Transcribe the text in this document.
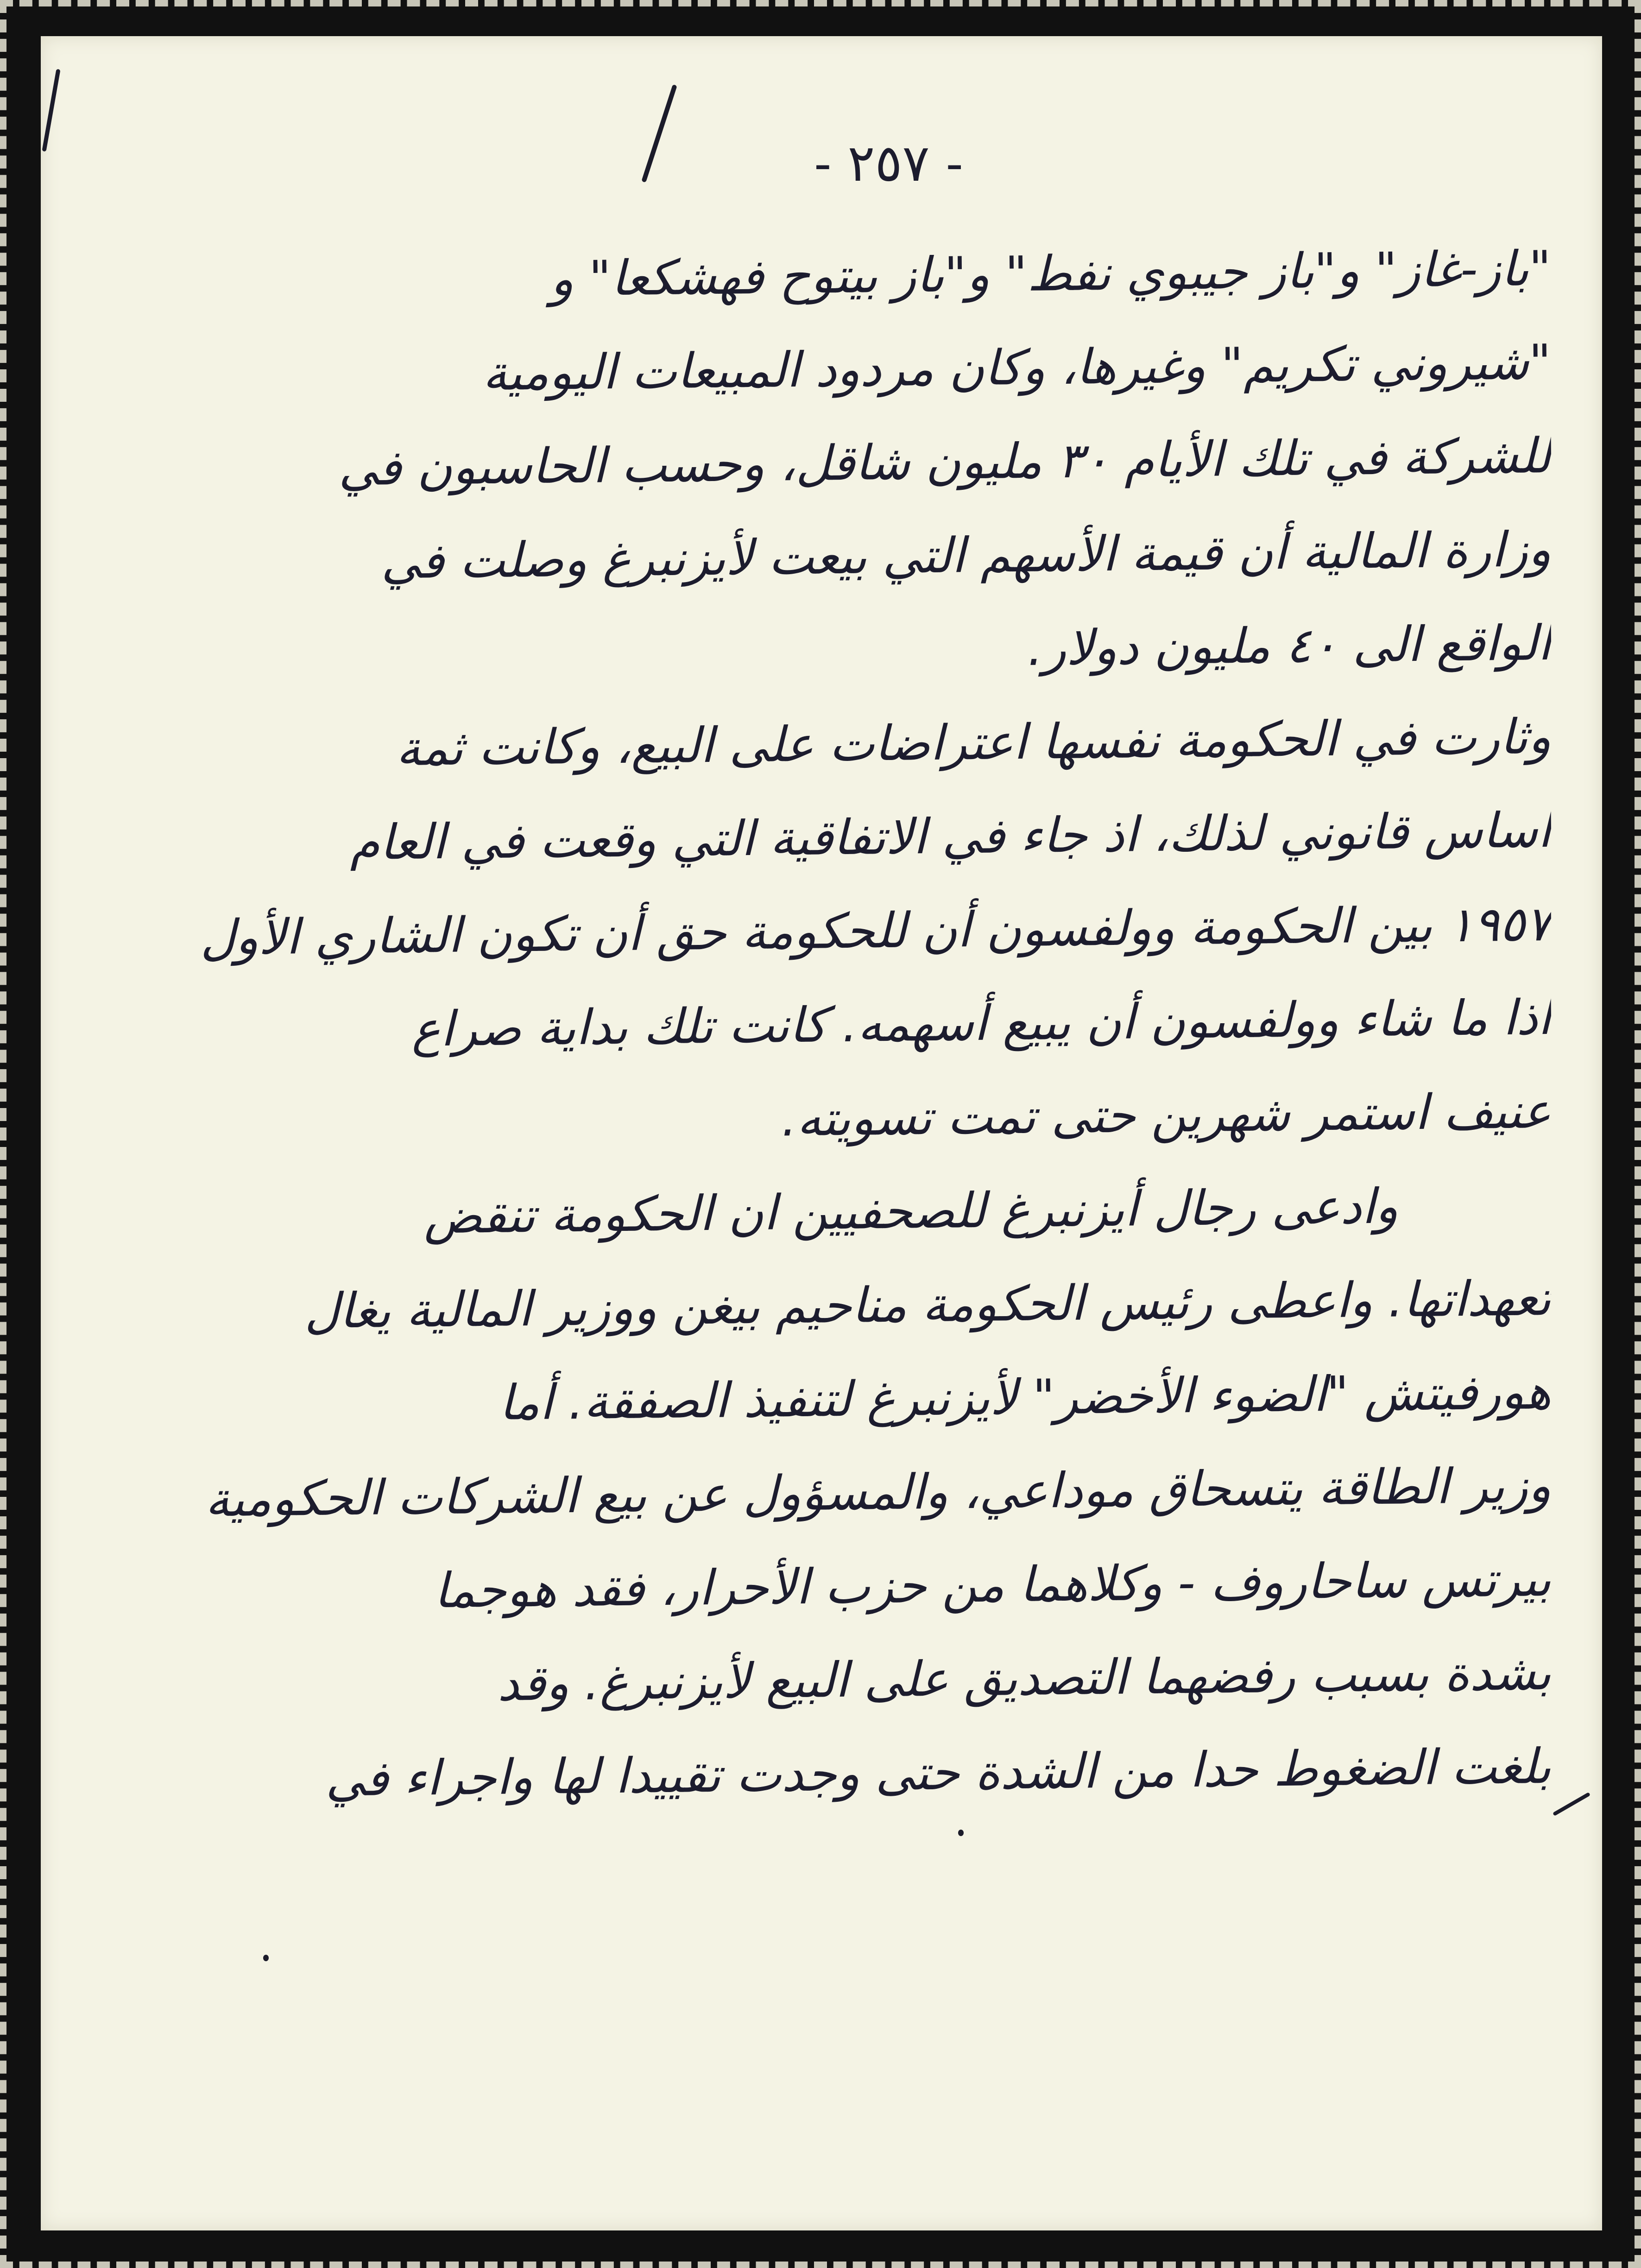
- ٢٥٧ -
"باز-غاز" و"باز جيبوي نفط" و"باز بيتوح فهشكعا" و
"شيروني تكريم" وغيرها، وكان مردود المبيعات اليومية
للشركة في تلك الأيام ٣٠ مليون شاقل، وحسب الحاسبون في
وزارة المالية أن قيمة الأسهم التي بيعت لأيزنبرغ وصلت في
الواقع الى ٤٠ مليون دولار.
وثارت في الحكومة نفسها اعتراضات على البيع، وكانت ثمة
اساس قانوني لذلك، اذ جاء في الاتفاقية التي وقعت في العام
١٩٥٧ بين الحكومة وولفسون أن للحكومة حق أن تكون الشاري الأول
اذا ما شاء وولفسون أن يبيع أسهمه. كانت تلك بداية صراع
عنيف استمر شهرين حتى تمت تسويته.
وادعى رجال أيزنبرغ للصحفيين ان الحكومة تنقض
تعهداتها. واعطى رئيس الحكومة مناحيم بيغن ووزير المالية يغال
هورفيتش "الضوء الأخضر" لأيزنبرغ لتنفيذ الصفقة. أما
وزير الطاقة يتسحاق موداعي، والمسؤول عن بيع الشركات الحكومية
بيرتس ساحاروف - وكلاهما من حزب الأحرار، فقد هوجما
بشدة بسبب رفضهما التصديق على البيع لأيزنبرغ. وقد
بلغت الضغوط حدا من الشدة حتى وجدت تقييدا لها واجراء في
